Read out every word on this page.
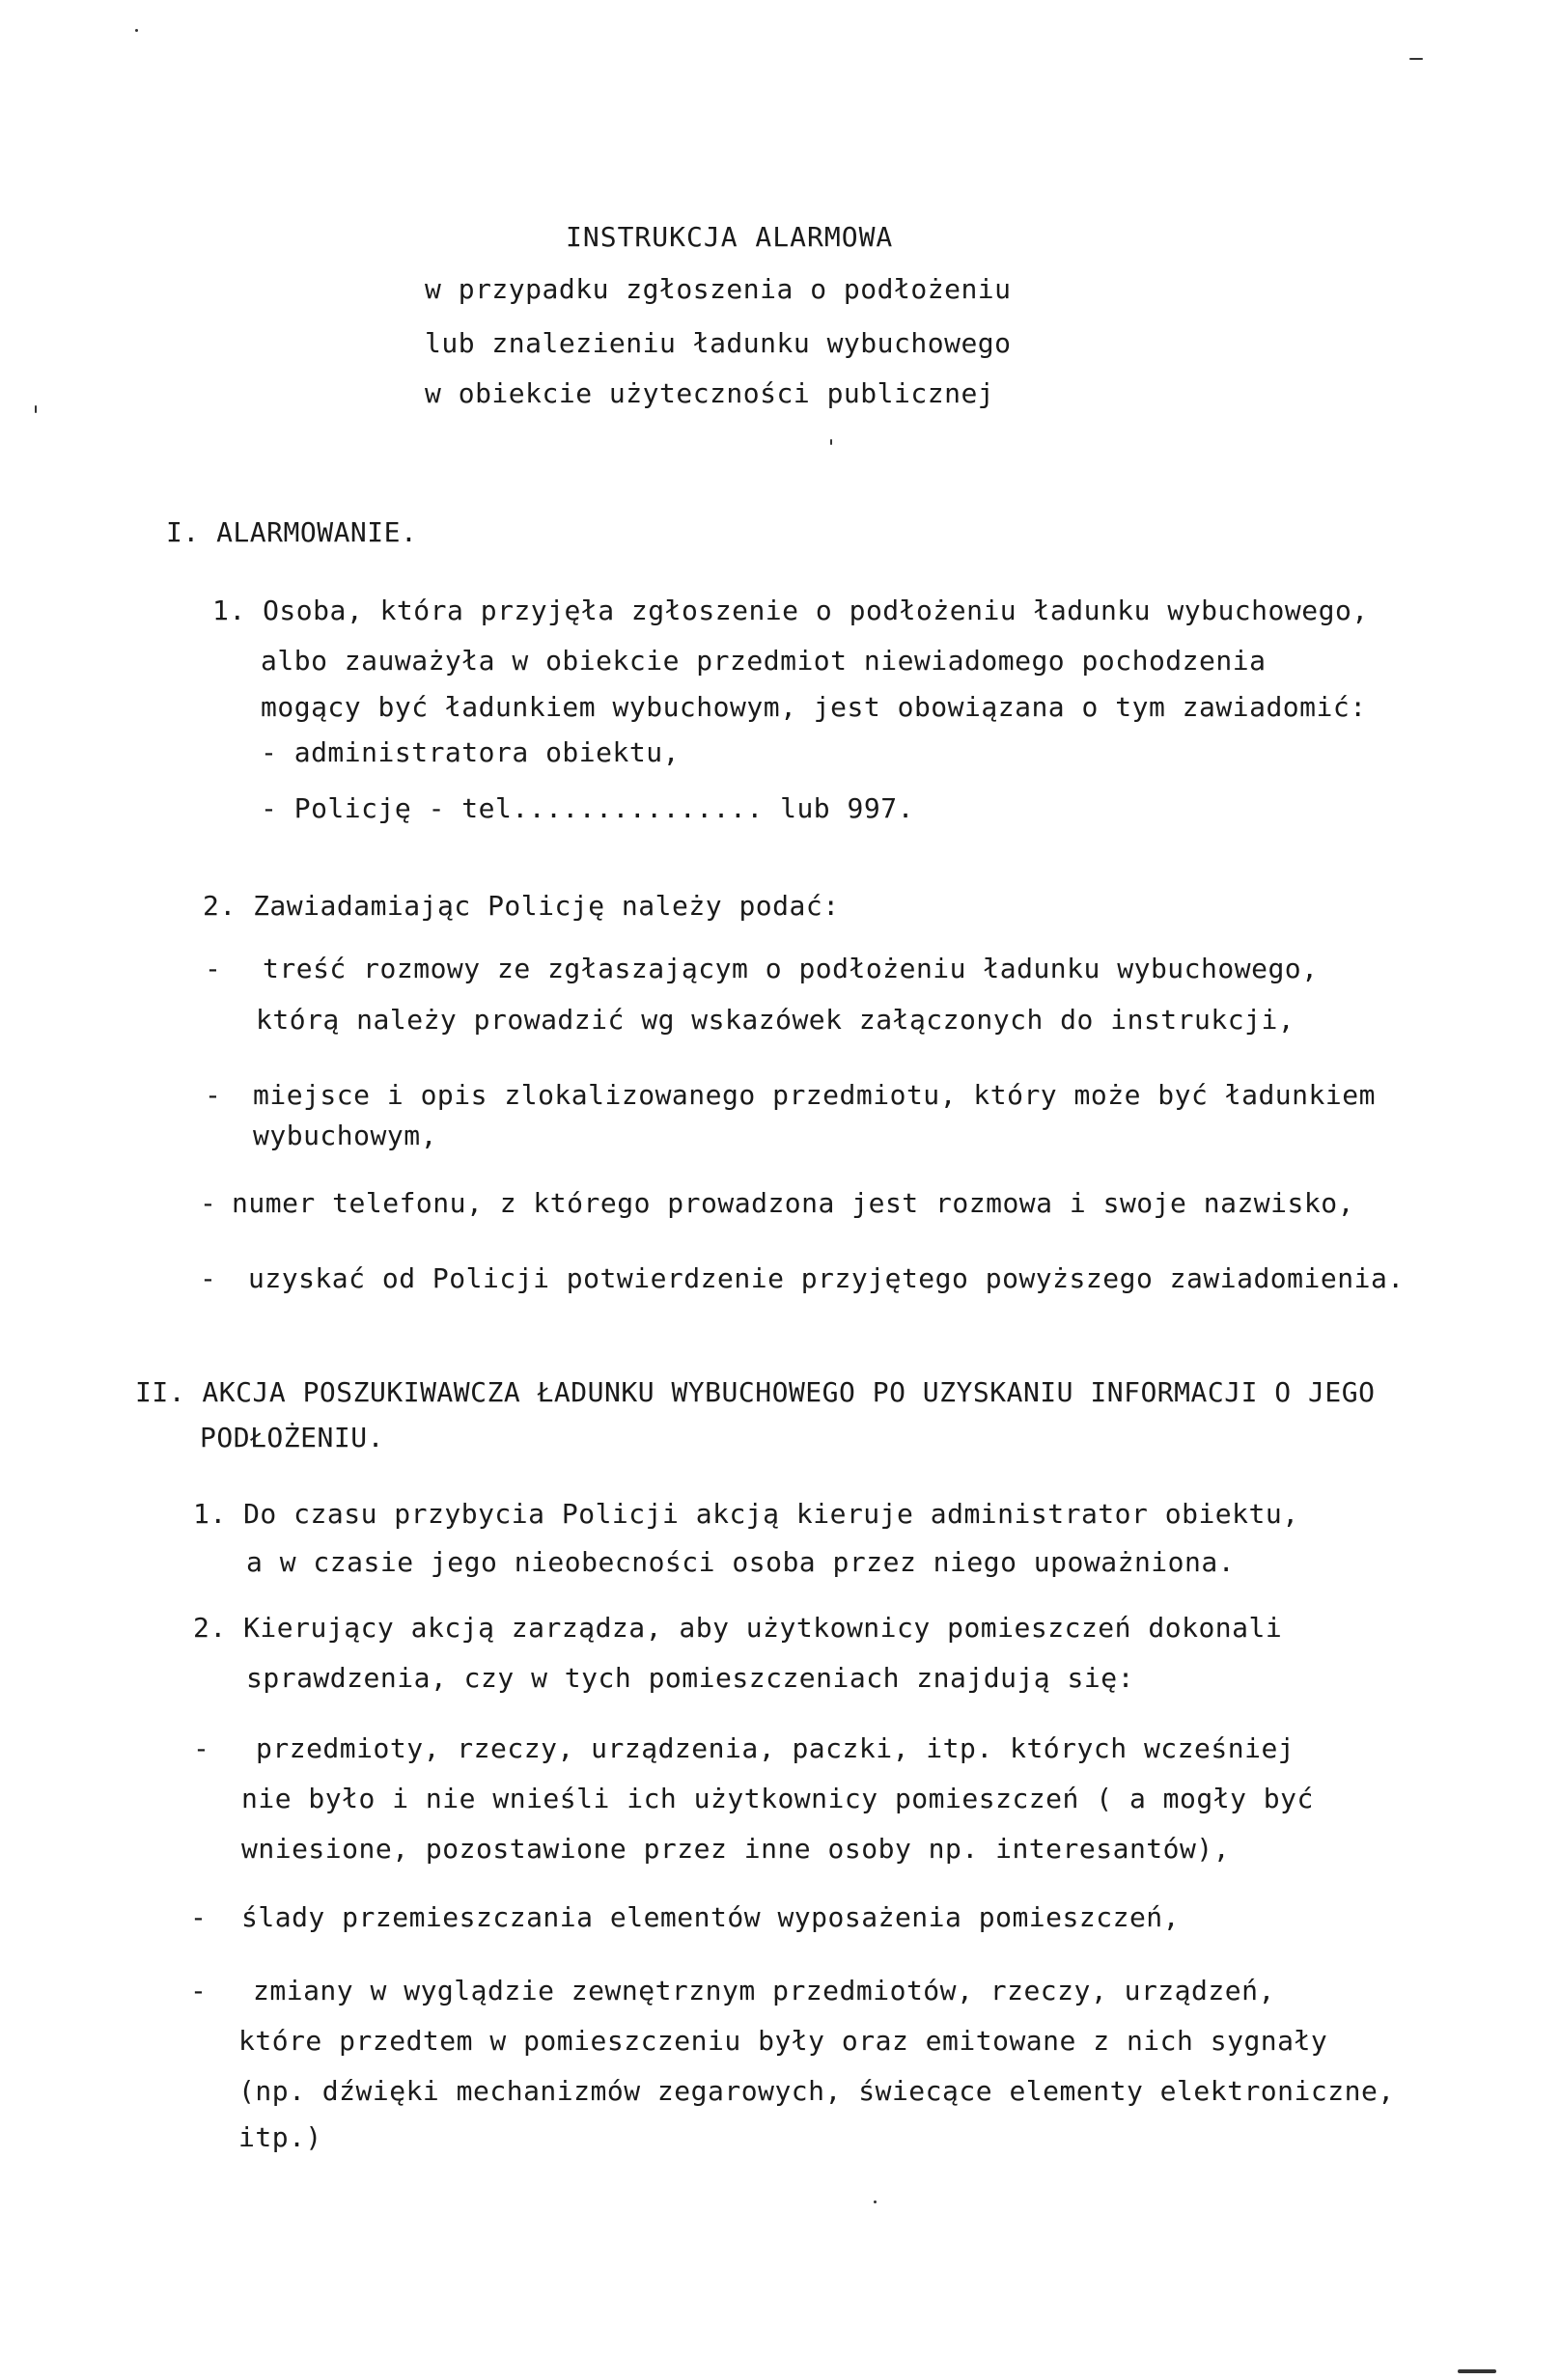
INSTRUKCJA ALARMOWA
w przypadku zgłoszenia o podłożeniu
lub znalezieniu ładunku wybuchowego
w obiekcie użyteczności publicznej
I. ALARMOWANIE.
1. Osoba, która przyjęła zgłoszenie o podłożeniu ładunku wybuchowego,
albo zauważyła w obiekcie przedmiot niewiadomego pochodzenia
mogący być ładunkiem wybuchowym, jest obowiązana o tym zawiadomić:
- administratora obiektu,
- Policję - tel............... lub 997.
2. Zawiadamiając Policję należy podać:
- treść rozmowy ze zgłaszającym o podłożeniu ładunku wybuchowego,
którą należy prowadzić wg wskazówek załączonych do instrukcji,
- miejsce i opis zlokalizowanego przedmiotu, który może być ładunkiem
wybuchowym,
- numer telefonu, z którego prowadzona jest rozmowa i swoje nazwisko,
- uzyskać od Policji potwierdzenie przyjętego powyższego zawiadomienia.
II. AKCJA POSZUKIWAWCZA ŁADUNKU WYBUCHOWEGO PO UZYSKANIU INFORMACJI O JEGO
PODŁOŻENIU.
1. Do czasu przybycia Policji akcją kieruje administrator obiektu,
a w czasie jego nieobecności osoba przez niego upoważniona.
2. Kierujący akcją zarządza, aby użytkownicy pomieszczeń dokonali
sprawdzenia, czy w tych pomieszczeniach znajdują się:
- przedmioty, rzeczy, urządzenia, paczki, itp. których wcześniej
nie było i nie wnieśli ich użytkownicy pomieszczeń ( a mogły być
wniesione, pozostawione przez inne osoby np. interesantów),
- ślady przemieszczania elementów wyposażenia pomieszczeń,
- zmiany w wyglądzie zewnętrznym przedmiotów, rzeczy, urządzeń,
które przedtem w pomieszczeniu były oraz emitowane z nich sygnały
(np. dźwięki mechanizmów zegarowych, świecące elementy elektroniczne,
itp.)
